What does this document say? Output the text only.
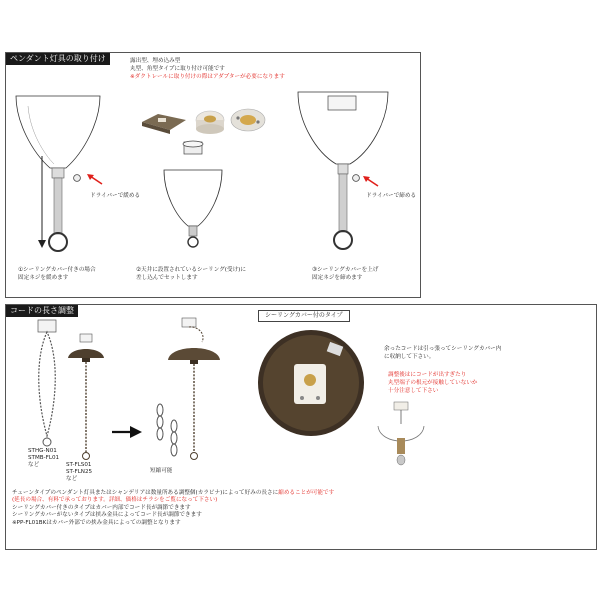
ペンダント灯具の取り付け	露出型、埋め込み型
丸型、角型タイプに取り付け可能です
※ダクトレールに取り付けの際はアダプターが必要になります
ドライバーで緩める
①シーリングカバー付きの場合
固定ネジを緩めます
②天井に設置されているシーリング(受け)に
差し込んでセットします
ドライバーで締める
③シーリングカバーを上げ
固定ネジを締めます
コードの長さ調整
シーリングカバー付のタイプ
STHG-N01
STMB-FL01
など	ST-FLS01
ST-FLN25
など
短縮可能
余ったコードは引っ張ってシーリングカバー内
に収納して下さい。
調整後はにコードが出すぎたり
丸型端子の根元が接触していないか
十分注意して下さい
チェーンタイプのペンダント灯具またはシャンデリアは数量所ある調整個(カラビナ)によって好みの長さに縮めることが可能です
(延長の場合、有料で承っております。詳細、価格はチラシをご覧になって下さい)
シーリングカバー付きのタイプはカバー内部でコード長が調節できます
シーリングカバーがないタイプは挟み金具によってコード長が調節できます
※PP-FL01BKはカバー外部での挟み金具によっての調整となります
